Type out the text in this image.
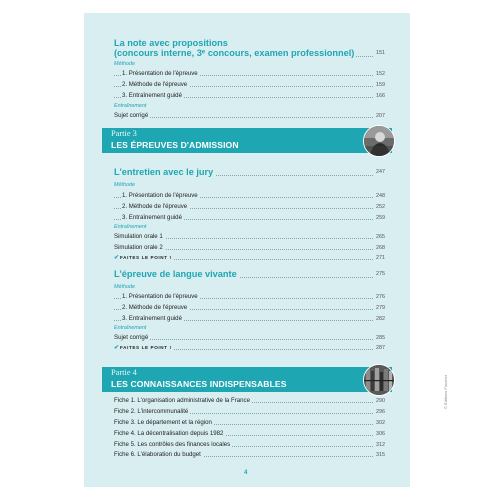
La note avec propositions
(concours interne, 3ᵉ concours, examen professionnel)	151
Méthode
1. Présentation de l'épreuve	152
2. Méthode de l'épreuve	159
3. Entraînement guidé	166
Entraînement
Sujet corrigé	207
Partie 3
LES ÉPREUVES D'ADMISSION
L'entretien avec le jury	247
Méthode
1. Présentation de l'épreuve	248
2. Méthode de l'épreuve	252
3. Entraînement guidé	259
Entraînement
Simulation orale 1	265
Simulation orale 2	268
✔FAITES LE POINT !	271
L'épreuve de langue vivante	275
Méthode
1. Présentation de l'épreuve	276
2. Méthode de l'épreuve	279
3. Entraînement guidé	282
Entraînement
Sujet corrigé	285
✔FAITES LE POINT !	287
Partie 4
LES CONNAISSANCES INDISPENSABLES
Fiche 1. L'organisation administrative de la France	290
Fiche 2. L'intercommunalité	296
Fiche 3. Le département et la région	302
Fiche 4. La décentralisation depuis 1982	306
Fiche 5. Les contrôles des finances locales	312
Fiche 6. L'élaboration du budget	315
4
© Éditions Foucher
